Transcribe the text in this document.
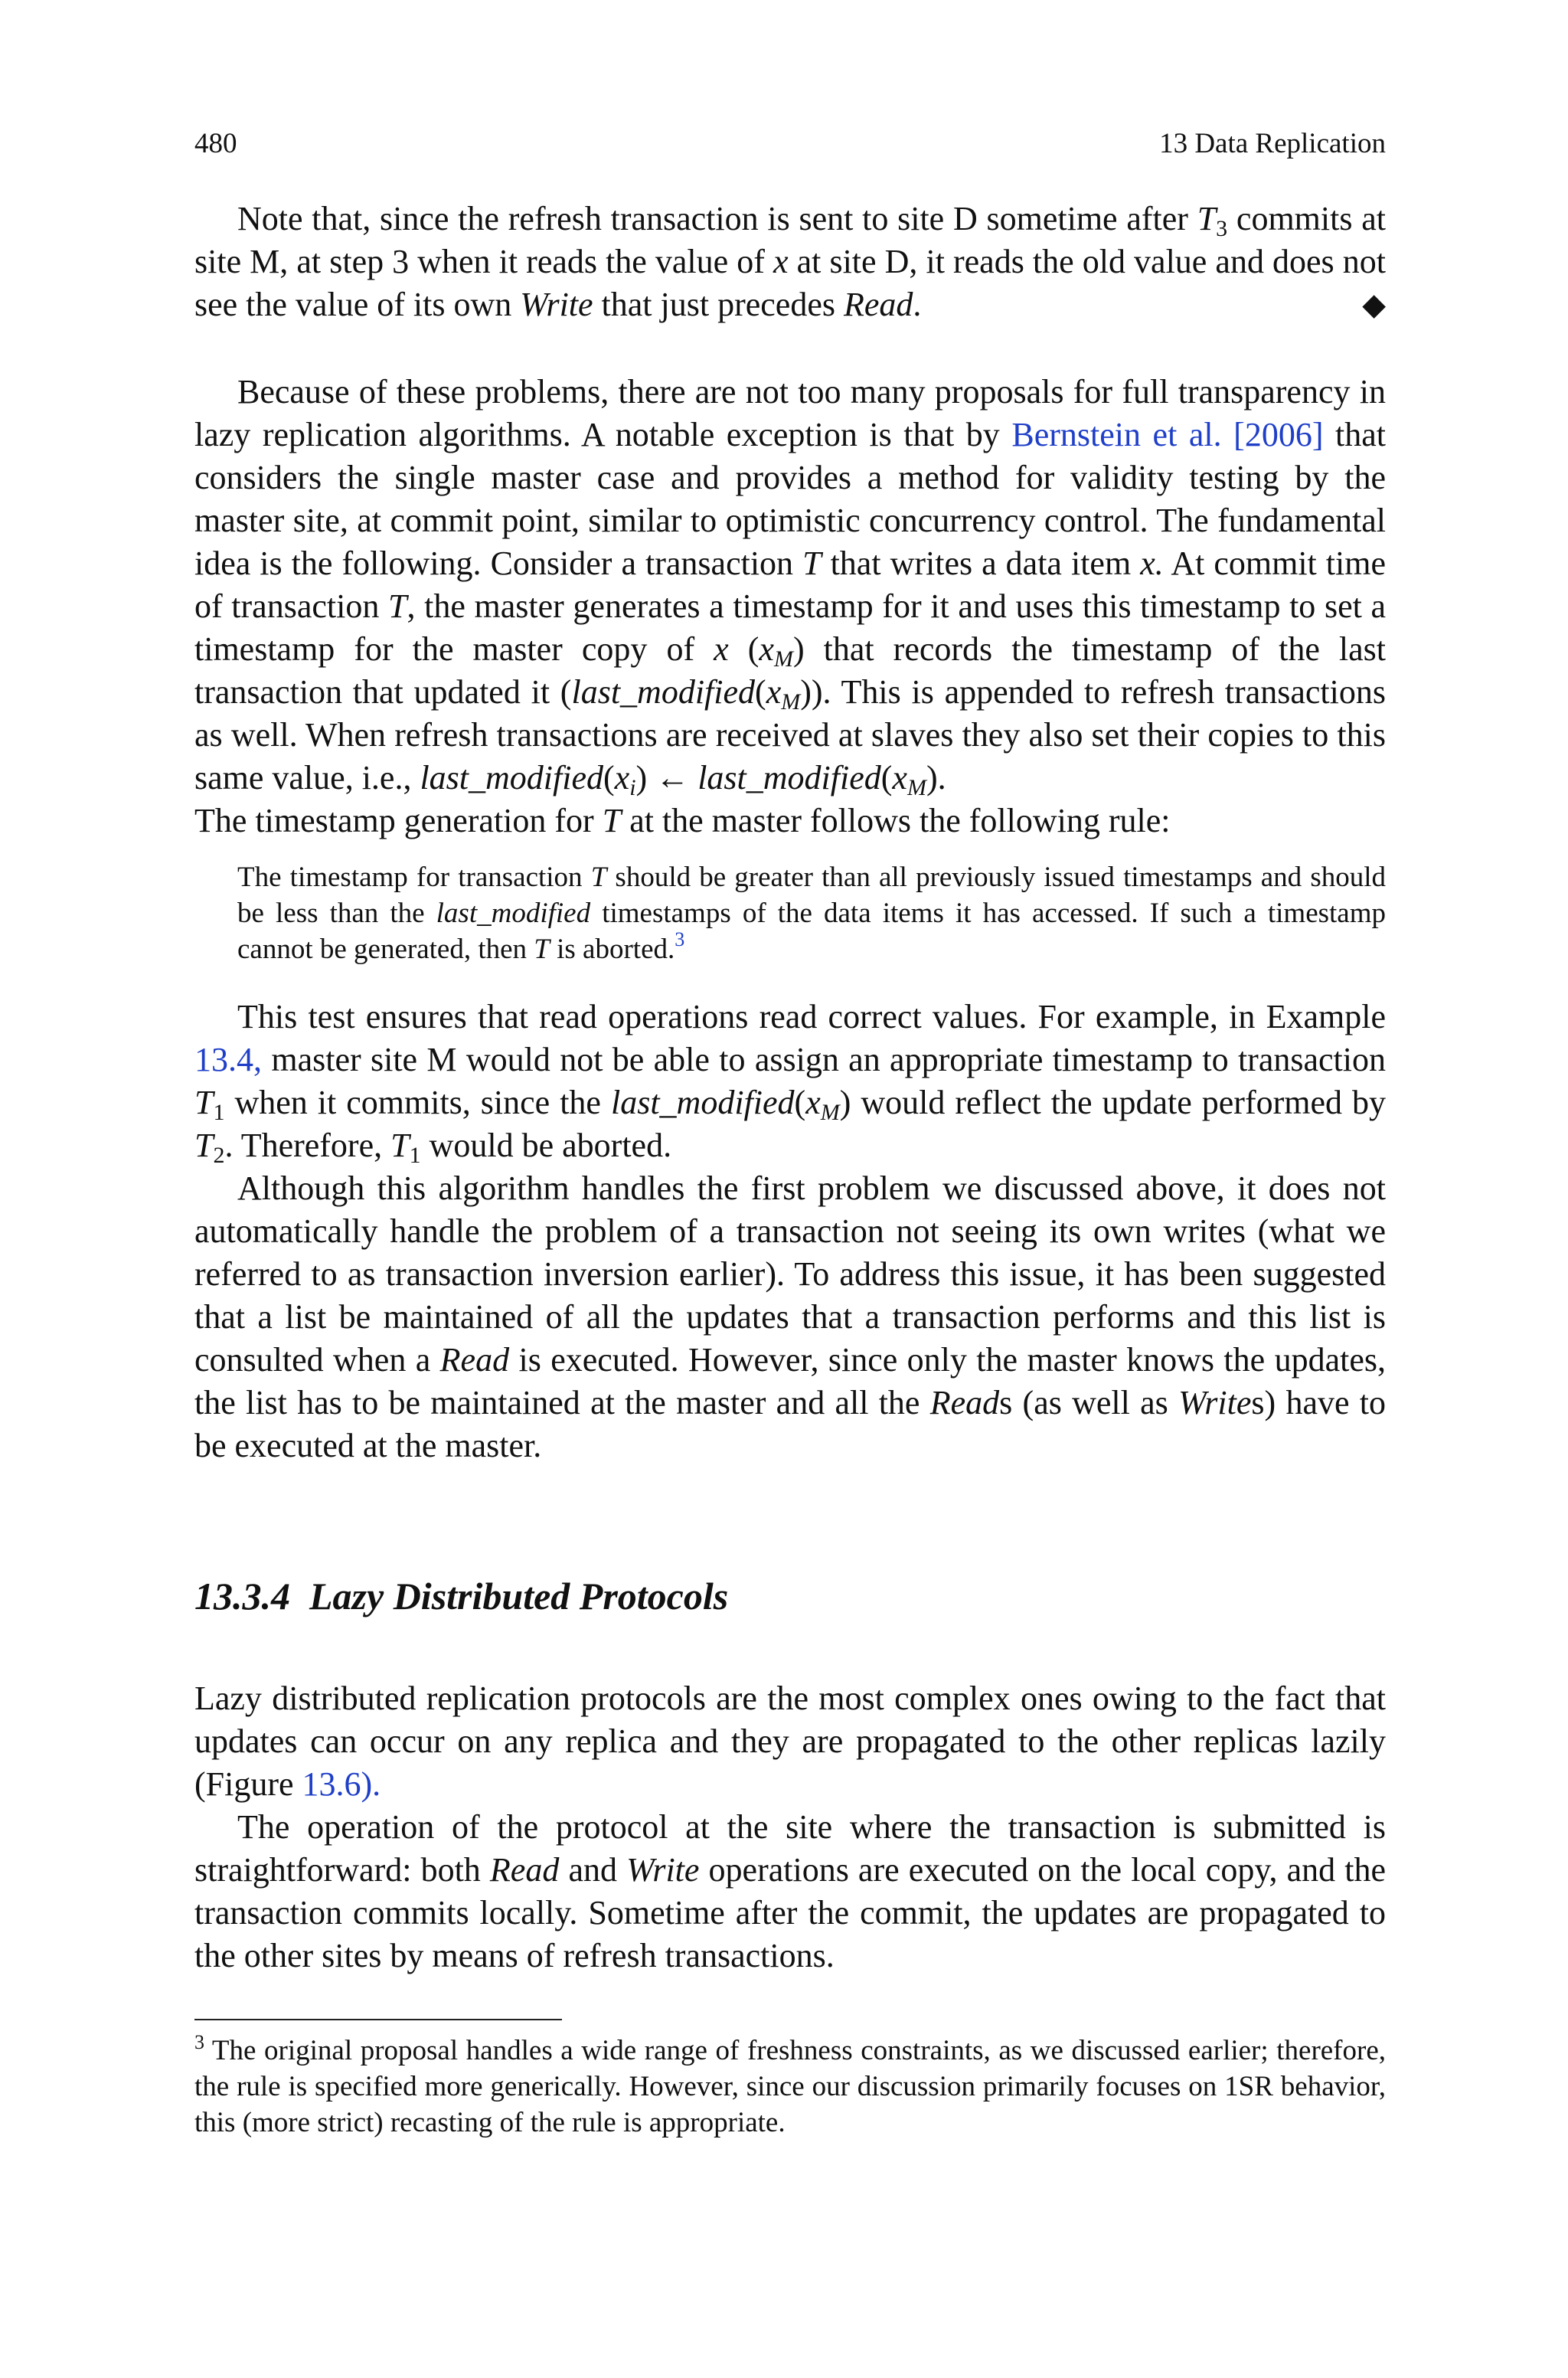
480	13 Data Replication

Note that, since the refresh transaction is sent to site D sometime after $T_3$ commits at site M, at step 3 when it reads the value of x at site D, it reads the old value and does not see the value of its own Write that just precedes Read.	◆

Because of these problems, there are not too many proposals for full transparency in lazy replication algorithms. A notable exception is that by Bernstein et al. [2006] that considers the single master case and provides a method for validity testing by the master site, at commit point, similar to optimistic concurrency control. The fundamental idea is the following. Consider a transaction T that writes a data item x. At commit time of transaction T, the master generates a timestamp for it and uses this timestamp to set a timestamp for the master copy of x $(x_M)$ that records the timestamp of the last transaction that updated it $(last\_modified(x_M))$. This is appended to refresh transactions as well. When refresh transactions are received at slaves they also set their copies to this same value, i.e., $last\_modified(x_i)$ ← $last\_modified(x_M)$.

The timestamp generation for T at the master follows the following rule:

The timestamp for transaction T should be greater than all previously issued timestamps and should be less than the last_modified timestamps of the data items it has accessed. If such a timestamp cannot be generated, then T is aborted.$^3$

This test ensures that read operations read correct values. For example, in Example 13.4, master site M would not be able to assign an appropriate timestamp to transaction $T_1$ when it commits, since the $last\_modified(x_M)$ would reflect the update performed by $T_2$. Therefore, $T_1$ would be aborted.

Although this algorithm handles the first problem we discussed above, it does not automatically handle the problem of a transaction not seeing its own writes (what we referred to as transaction inversion earlier). To address this issue, it has been suggested that a list be maintained of all the updates that a transaction performs and this list is consulted when a Read is executed. However, since only the master knows the updates, the list has to be maintained at the master and all the Reads (as well as Writes) have to be executed at the master.

13.3.4 Lazy Distributed Protocols

Lazy distributed replication protocols are the most complex ones owing to the fact that updates can occur on any replica and they are propagated to the other replicas lazily (Figure 13.6).

The operation of the protocol at the site where the transaction is submitted is straightforward: both Read and Write operations are executed on the local copy, and the transaction commits locally. Sometime after the commit, the updates are propagated to the other sites by means of refresh transactions.

$^3$ The original proposal handles a wide range of freshness constraints, as we discussed earlier; therefore, the rule is specified more generically. However, since our discussion primarily focuses on 1SR behavior, this (more strict) recasting of the rule is appropriate.
